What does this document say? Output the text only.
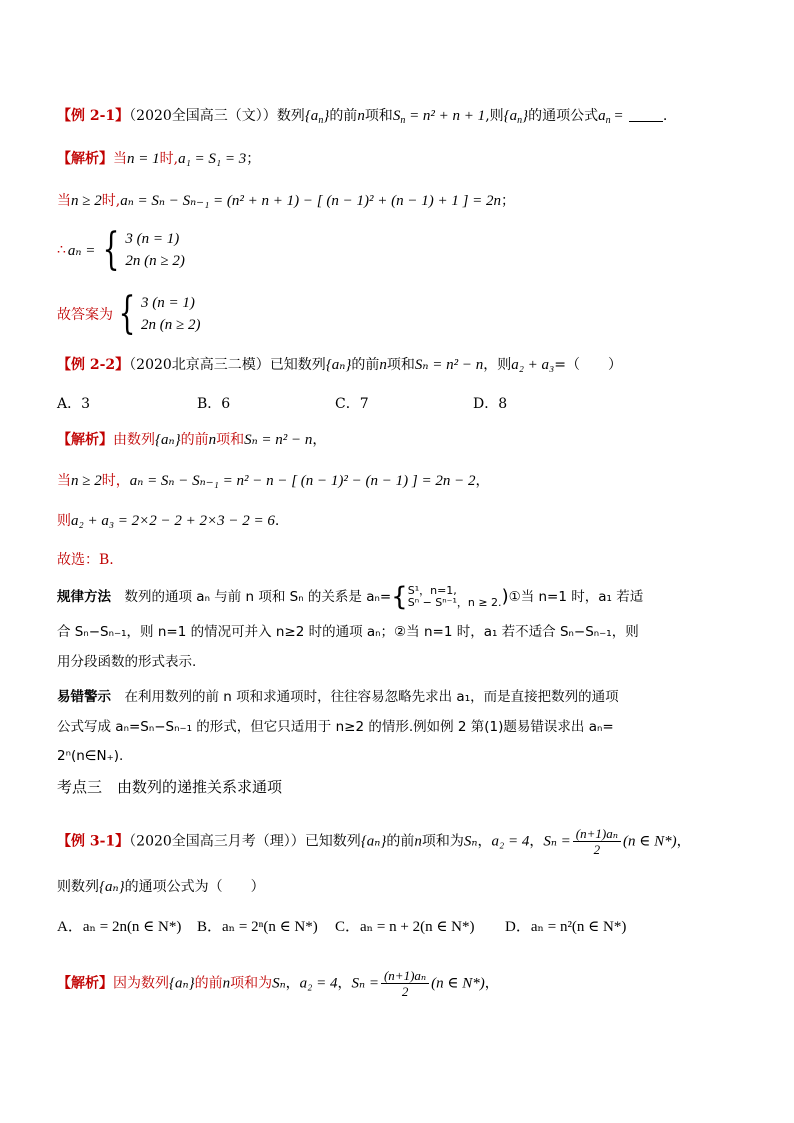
【例 2-1】（2020全国高三（文））数列$\{a_n\}$的前n项和$S_n = n^2 + n + 1$,则$\{a_n\}$的通项公式$a_n$ =	.
【解析】当n = 1时,a₁ = S₁ = 3；
当n ≥ 2时,aₙ = Sₙ − Sₙ₋₁ = (n² + n + 1) − [ (n − 1)² + (n − 1) + 1 ] = 2n；
∴ aₙ = { 3 (n = 1)
2n (n ≥ 2)
故答案为 { 3 (n = 1)
2n (n ≥ 2)
【例 2-2】（2020北京高三二模）已知数列{aₙ}的前n项和Sₙ = n² − n，则a₂ + a₃=（　　）
A．3	B．6	C．7	D．8
【解析】由数列{aₙ}的前n项和Sₙ = n² − n，
当n ≥ 2时，aₙ = Sₙ − Sₙ₋₁ = n² − n − [ (n − 1)² − (n − 1) ] = 2n − 2，
则a₂ + a₃ = 2×2 − 2 + 2×3 − 2 = 6.
故选：B.
规律方法　数列的通项 aₙ 与前 n 项和 Sₙ 的关系是 aₙ= { S¹，n=1,
Sⁿ − Sⁿ⁻¹，n ≥ 2. ) ①当 n=1 时，a₁ 若适
合 Sₙ−Sₙ₋₁，则 n=1 的情况可并入 n≥2 时的通项 aₙ；②当 n=1 时，a₁ 若不适合 Sₙ−Sₙ₋₁，则
用分段函数的形式表示.
易错警示　在利用数列的前 n 项和求通项时，往往容易忽略先求出 a₁，而是直接把数列的通项
公式写成 aₙ=Sₙ−Sₙ₋₁ 的形式，但它只适用于 n≥2 的情形.例如例 2 第(1)题易错误求出 aₙ=
2ⁿ(n∈N₊).
考点三　由数列的递推关系求通项
【例 3-1】（2020全国高三月考（理））已知数列{aₙ}的前n项和为Sₙ，a₂ = 4，$S_n = \frac{\text{(n+1)aₙ}}{2} (n$ ∈ N*)，
则数列{aₙ}的通项公式为（　　）
A．aₙ = 2n(n ∈ N*) B．aₙ = 2ⁿ(n ∈ N*) C．aₙ = n + 2(n ∈ N*) D．aₙ = n²(n ∈ N*)
【解析】因为数列{aₙ}的前n项和为Sₙ，a₂ = 4，$S_n = \frac{\text{(n+1)aₙ}}{2} (n$ ∈ N*)，
